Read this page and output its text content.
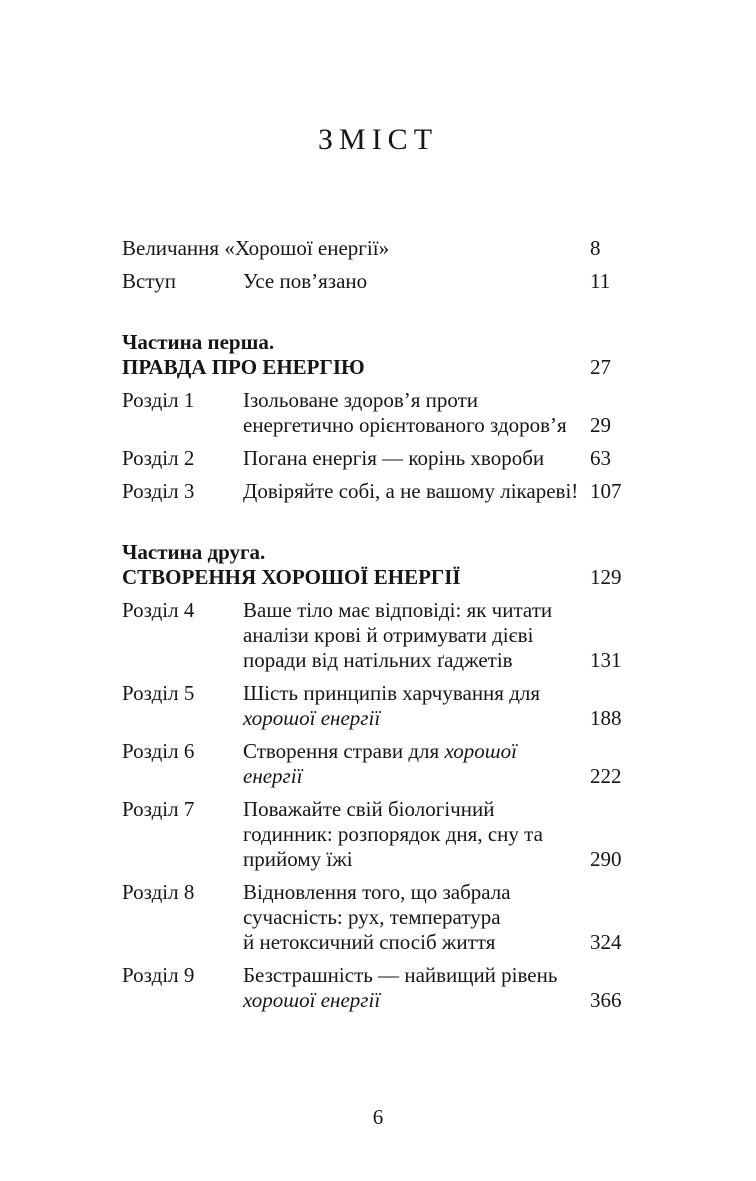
ЗМІСТ
Величання «Хорошої енергії»	8
Вступ	Усе пов’язано	11
Частина перша.
ПРАВДА ПРО ЕНЕРГІЮ	27
Розділ 1	Ізольоване здоров’я проти
енергетично орієнтованого здоров’я	29
Розділ 2	Погана енергія — корінь хвороби	63
Розділ 3	Довіряйте собі, а не вашому лікареві! 107
Частина друга.
СТВОРЕННЯ ХОРОШОЇ ЕНЕРГІЇ	129
Розділ 4	Ваше тіло має відповіді: як читати
аналізи крові й отримувати дієві
поради від натільних ґаджетів	131
Розділ 5	Шість принципів харчування для
хорошої енергії	188
Розділ 6	Створення страви для хорошої
енергії	222
Розділ 7	Поважайте свій біологічний
годинник: розпорядок дня, сну та
прийому їжі	290
Розділ 8	Відновлення того, що забрала
сучасність: рух, температура
й нетоксичний спосіб життя	324
Розділ 9	Безстрашність — найвищий рівень
хорошої енергії	366
6
